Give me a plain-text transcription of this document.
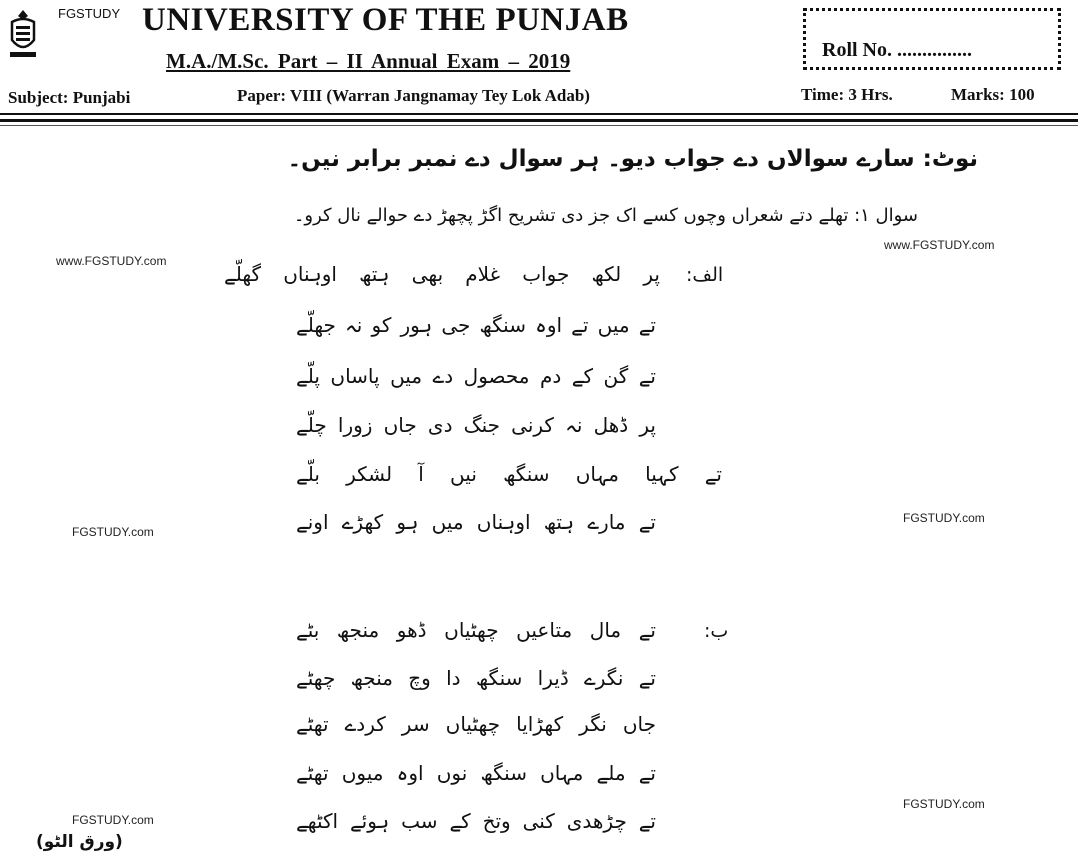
FGSTUDY UNIVERSITY OF THE PUNJAB
M.A./M.Sc. Part – II Annual Exam – 2019	Roll No. ...............
Subject: Punjabi	Paper: VIII (Warran Jangnamay Tey Lok Adab)	Time: 3 Hrs.	Marks: 100
نوٹ: سارے سوالاں دے جواب دیو۔ ہر سوال دے نمبر برابر نیں۔
سوال ۱: تھلے دتے شعراں وچوں کسے اک جز دی تشریح اگڑ پچھڑ دے حوالے نال کرو۔
www.FGSTUDY.com
www.FGSTUDY.com
FGSTUDY.com
FGSTUDY.com
FGSTUDY.com
FGSTUDY.com
الف:
پر لکھ جواب غلام بھی ہتھ اوہناں گھلّے
تے میں تے اوہ سنگھ جی ہور کو نہ جھلّے
تے گن کے دم محصول دے میں پاساں پلّے
پر ڈھل نہ کرنی جنگ دی جاں زورا چلّے
تے کہیا مہاں سنگھ نیں آ لشکر بلّے
تے مارے ہتھ اوہناں میں ہو کھڑے اونے
ب:
تے مال متاعیں چھٹیاں ڈھو منجھ بٹے
تے نگرے ڈیرا سنگھ دا وچ منجھ چھٹے
جاں نگر کھڑایا چھٹیاں سر کردے تھٹے
تے ملے مہاں سنگھ نوں اوہ میوں تھٹے
تے چڑھدی کنی وتخ کے سب ہوئے اکٹھے
(ورق الٹو)
